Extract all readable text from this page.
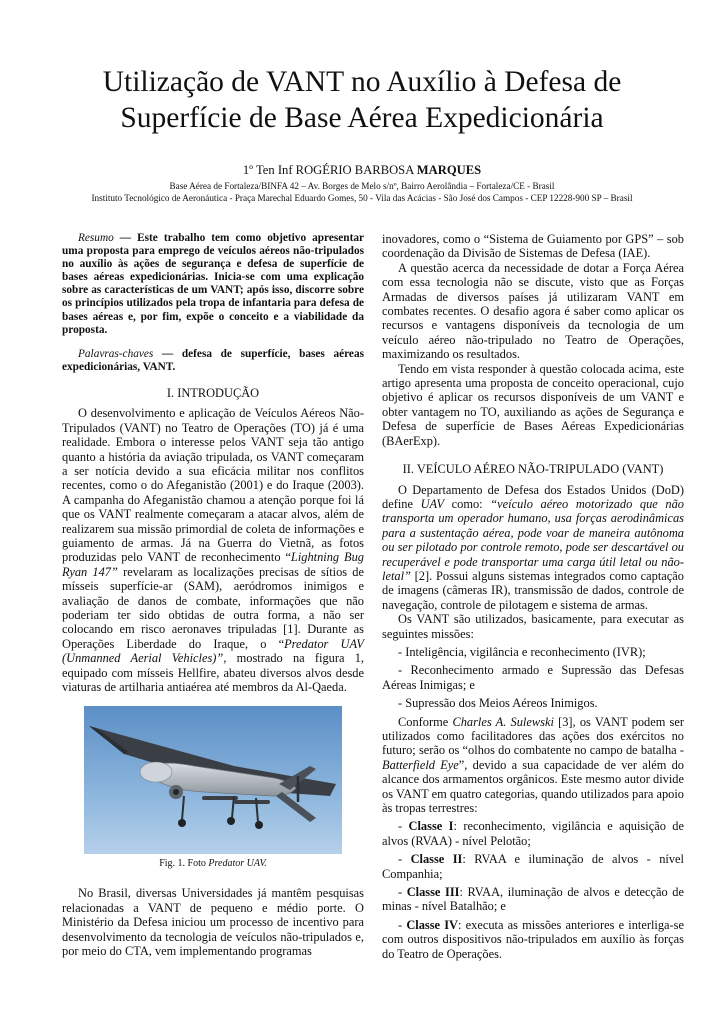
Utilização de VANT no Auxílio à Defesa de
Superfície de Base Aérea Expedicionária
1º Ten Inf ROGÉRIO BARBOSA MARQUES
Base Aérea de Fortaleza/BINFA 42 – Av. Borges de Melo s/nº, Bairro Aerolândia – Fortaleza/CE - Brasil
Instituto Tecnológico de Aeronáutica - Praça Marechal Eduardo Gomes, 50 - Vila das Acácias - São José dos Campos - CEP 12228-900 SP – Brasil

Resumo — Este trabalho tem como objetivo apresentar uma proposta para emprego de veículos aéreos não-tripulados no auxílio às ações de segurança e defesa de superfície de bases aéreas expedicionárias. Inicia-se com uma explicação sobre as características de um VANT; após isso, discorre sobre os princípios utilizados pela tropa de infantaria para defesa de bases aéreas e, por fim, expõe o conceito e a viabilidade da proposta.

Palavras-chaves — defesa de superfície, bases aéreas expedicionárias, VANT.

I. INTRODUÇÃO

O desenvolvimento e aplicação de Veículos Aéreos Não-Tripulados (VANT) no Teatro de Operações (TO) já é uma realidade. Embora o interesse pelos VANT seja tão antigo quanto a história da aviação tripulada, os VANT começaram a ser notícia devido a sua eficácia militar nos conflitos recentes, como o do Afeganistão (2001) e do Iraque (2003). A campanha do Afeganistão chamou a atenção porque foi lá que os VANT realmente começaram a atacar alvos, além de realizarem sua missão primordial de coleta de informações e guiamento de armas. Já na Guerra do Vietnã, as fotos produzidas pelo VANT de reconhecimento “Lightning Bug Ryan 147” revelaram as localizações precisas de sítios de mísseis superfície-ar (SAM), aeródromos inimigos e avaliação de danos de combate, informações que não poderiam ter sido obtidas de outra forma, a não ser colocando em risco aeronaves tripuladas [1]. Durante as Operações Liberdade do Iraque, o “Predator UAV (Unmanned Aerial Vehicles)”, mostrado na figura 1, equipado com mísseis Hellfire, abateu diversos alvos desde viaturas de artilharia antiaérea até membros da Al-Qaeda.

Fig. 1. Foto Predator UAV.

No Brasil, diversas Universidades já mantêm pesquisas relacionadas a VANT de pequeno e médio porte. O Ministério da Defesa iniciou um processo de incentivo para desenvolvimento da tecnologia de veículos não-tripulados e, por meio do CTA, vem implementando programas

inovadores, como o “Sistema de Guiamento por GPS” – sob coordenação da Divisão de Sistemas de Defesa (IAE).

A questão acerca da necessidade de dotar a Força Aérea com essa tecnologia não se discute, visto que as Forças Armadas de diversos países já utilizaram VANT em combates recentes. O desafio agora é saber como aplicar os recursos e vantagens disponíveis da tecnologia de um veículo aéreo não-tripulado no Teatro de Operações, maximizando os resultados.

Tendo em vista responder à questão colocada acima, este artigo apresenta uma proposta de conceito operacional, cujo objetivo é aplicar os recursos disponíveis de um VANT e obter vantagem no TO, auxiliando as ações de Segurança e Defesa de superfície de Bases Aéreas Expedicionárias (BAerExp).

II. VEÍCULO AÉREO NÃO-TRIPULADO (VANT)

O Departamento de Defesa dos Estados Unidos (DoD) define UAV como: “veículo aéreo motorizado que não transporta um operador humano, usa forças aerodinâmicas para a sustentação aérea, pode voar de maneira autônoma ou ser pilotado por controle remoto, pode ser descartável ou recuperável e pode transportar uma carga útil letal ou não-letal” [2]. Possui alguns sistemas integrados como captação de imagens (câmeras IR), transmissão de dados, controle de navegação, controle de pilotagem e sistema de armas.

Os VANT são utilizados, basicamente, para executar as seguintes missões:

- Inteligência, vigilância e reconhecimento (IVR);

- Reconhecimento armado e Supressão das Defesas Aéreas Inimigas; e

- Supressão dos Meios Aéreos Inimigos.

Conforme Charles A. Sulewski [3], os VANT podem ser utilizados como facilitadores das ações dos exércitos no futuro; serão os “olhos do combatente no campo de batalha - Batterfield Eye”, devido a sua capacidade de ver além do alcance dos armamentos orgânicos. Este mesmo autor divide os VANT em quatro categorias, quando utilizados para apoio às tropas terrestres:

- Classe I: reconhecimento, vigilância e aquisição de alvos (RVAA) - nível Pelotão;

- Classe II: RVAA e iluminação de alvos - nível Companhia;

- Classe III: RVAA, iluminação de alvos e detecção de minas - nível Batalhão; e

- Classe IV: executa as missões anteriores e interliga-se com outros dispositivos não-tripulados em auxílio às forças do Teatro de Operações.
